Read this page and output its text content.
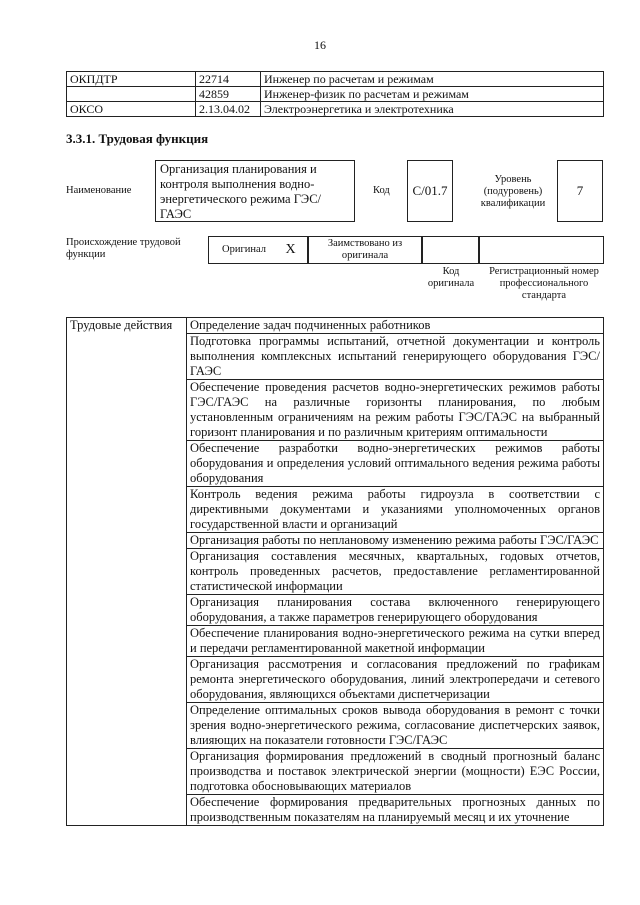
16
ОКПДТР	22714	Инженер по расчетам и режимам
	42859	Инженер-физик по расчетам и режимам
ОКСО	2.13.04.02	Электроэнергетика и электротехника
3.3.1. Трудовая функция
Наименование
Организация планирования и контроля выполнения водно-энергетического режима ГЭС/ГАЭС
Код	С/01.7
Уровень (подуровень) квалификации
7
Происхождение трудовой функции	Оригинал	X	Заимствовано из оригинала
Код оригинала
Регистрационный номер профессионального стандарта
Трудовые действия	Определение задач подчиненных работников
Подготовка программы испытаний, отчетной документации и контроль выполнения комплексных испытаний генерирующего оборудования ГЭС/ГАЭС
Обеспечение проведения расчетов водно-энергетических режимов работы ГЭС/ГАЭС на различные горизонты планирования, по любым установленным ограничениям на режим работы ГЭС/ГАЭС на выбранный горизонт планирования и по различным критериям оптимальности
Обеспечение разработки водно-энергетических режимов работы оборудования и определения условий оптимального ведения режима работы оборудования
Контроль ведения режима работы гидроузла в соответствии с директивными документами и указаниями уполномоченных органов государственной власти и организаций
Организация работы по неплановому изменению режима работы ГЭС/ГАЭС
Организация составления месячных, квартальных, годовых отчетов, контроль проведенных расчетов, предоставление регламентированной статистической информации
Организация планирования состава включенного генерирующего оборудования, а также параметров генерирующего оборудования
Обеспечение планирования водно-энергетического режима на сутки вперед и передачи регламентированной макетной информации
Организация рассмотрения и согласования предложений по графикам ремонта энергетического оборудования, линий электропередачи и сетевого оборудования, являющихся объектами диспетчеризации
Определение оптимальных сроков вывода оборудования в ремонт с точки зрения водно-энергетического режима, согласование диспетчерских заявок, влияющих на показатели готовности ГЭС/ГАЭС
Организация формирования предложений в сводный прогнозный баланс производства и поставок электрической энергии (мощности) ЕЭС России, подготовка обосновывающих материалов
Обеспечение формирования предварительных прогнозных данных по производственным показателям на планируемый месяц и их уточнение
